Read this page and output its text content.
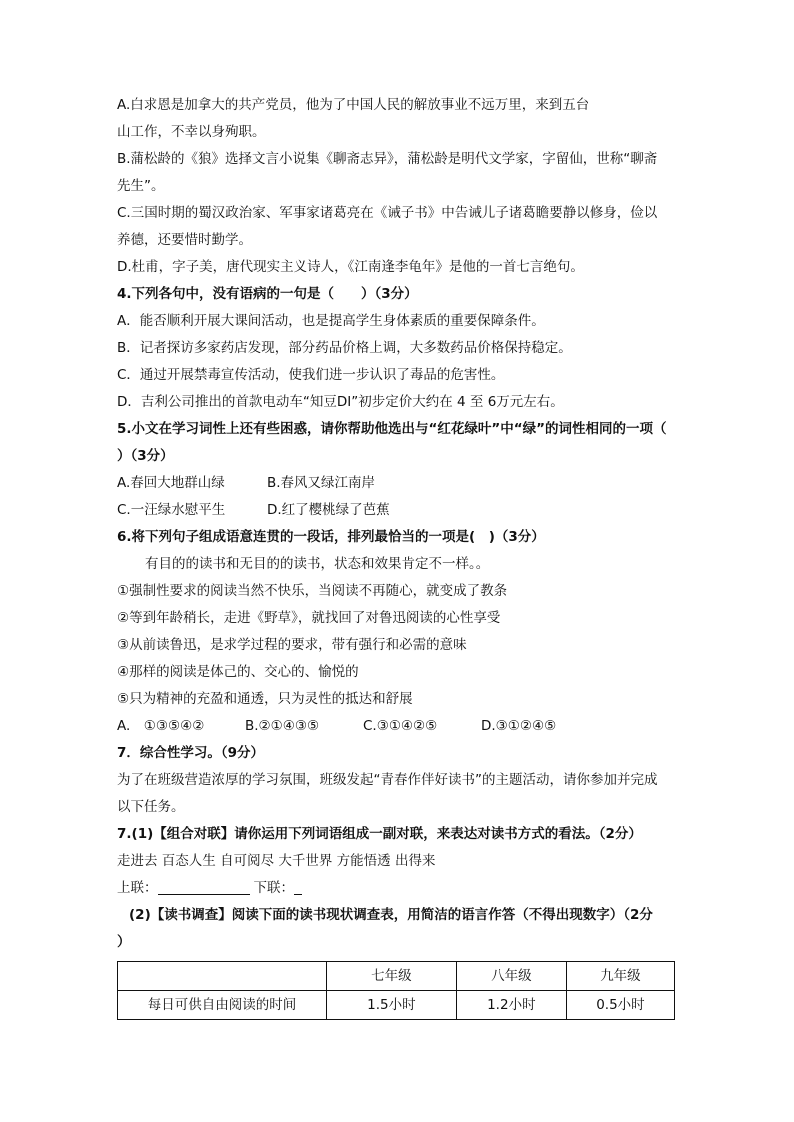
A.白求恩是加拿大的共产党员，他为了中国人民的解放事业不远万里，来到五台
山工作，不幸以身殉职。
B.蒲松龄的《狼》选择文言小说集《聊斋志异》，蒲松龄是明代文学家，字留仙，世称“聊斋
先生”。
C.三国时期的蜀汉政治家、军事家诸葛亮在《诫子书》中告诫儿子诸葛瞻要静以修身，俭以
养德，还要惜时勤学。
D.杜甫，字子美，唐代现实主义诗人，《江南逢李龟年》是他的一首七言绝句。
4.下列各句中，没有语病的一句是（　　）（3分）
A．能否顺利开展大课间活动，也是提高学生身体素质的重要保障条件。
B．记者探访多家药店发现，部分药品价格上调，大多数药品价格保持稳定。
C．通过开展禁毒宣传活动，使我们进一步认识了毒品的危害性。
D．吉利公司推出的首款电动车“知豆DI”初步定价大约在 4 至 6万元左右。
5.小文在学习词性上还有些困惑，请你帮助他选出与“红花绿叶”中“绿”的词性相同的一项（
）（3分）
A.春回大地群山绿	B.春风又绿江南岸
C.一汪绿水慰平生	D.红了樱桃绿了芭蕉
6.将下列句子组成语意连贯的一段话，排列最恰当的一项是(　)（3分）
有目的的读书和无目的的读书，状态和效果肯定不一样。。
①强制性要求的阅读当然不快乐，当阅读不再随心，就变成了教条
②等到年龄稍长，走进《野草》，就找回了对鲁迅阅读的心性享受
③从前读鲁迅，是求学过程的要求，带有强行和必需的意味
④那样的阅读是体己的、交心的、愉悦的
⑤只为精神的充盈和通透，只为灵性的抵达和舒展
A.　①③⑤④②	B.②①④③⑤	C.③①④②⑤	D.③①②④⑤
7．综合性学习。（9分）
为了在班级营造浓厚的学习氛围，班级发起“青春作伴好读书”的主题活动，请你参加并完成
以下任务。
7.(1)【组合对联】请你运用下列词语组成一副对联，来表达对读书方式的看法。（2分）
走进去 百态人生 自可阅尽 大千世界 方能悟透 出得来
上联：	下联：
(2)【读书调查】阅读下面的读书现状调查表，用简洁的语言作答（不得出现数字）（2分
）
	七年级	八年级	九年级
每日可供自由阅读的时间	1.5小时	1.2小时	0.5小时
